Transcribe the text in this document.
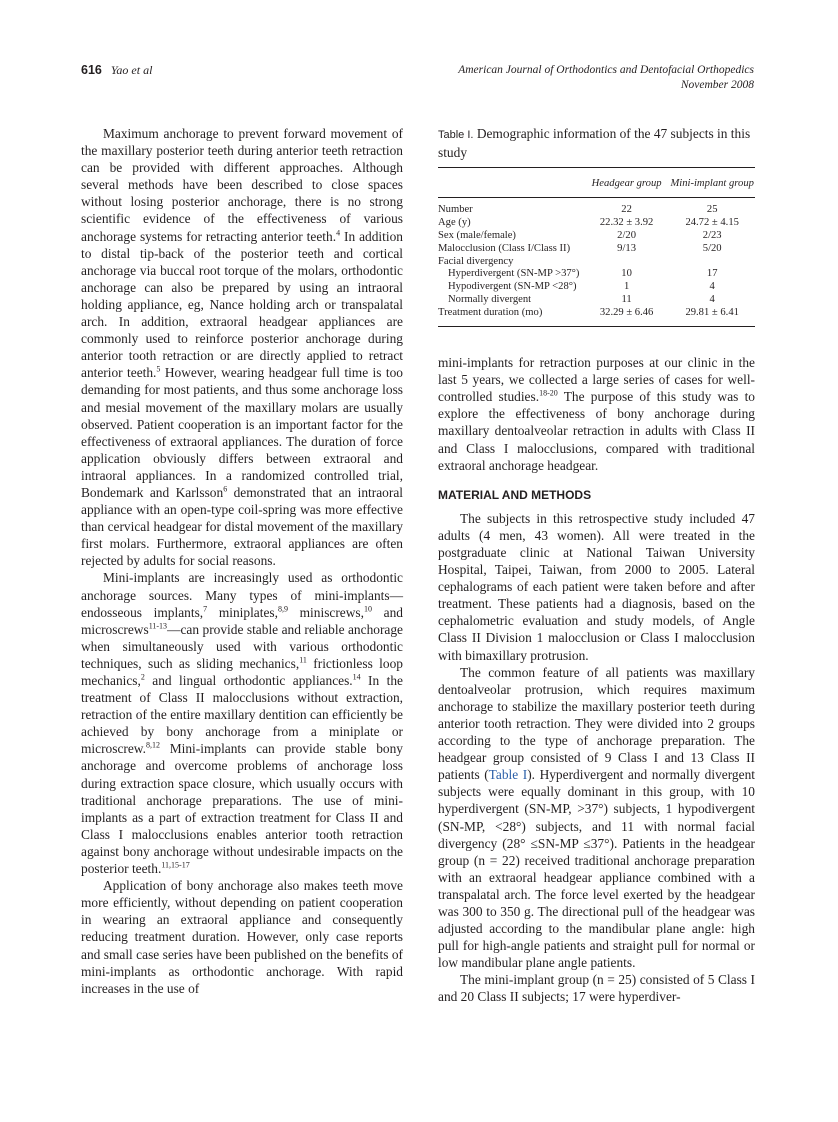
616 Yao et al	American Journal of Orthodontics and Dentofacial Orthopedics
November 2008

Maximum anchorage to prevent forward movement of the maxillary posterior teeth during anterior teeth retraction can be provided with different approaches. Although several methods have been described to close spaces without losing posterior anchorage, there is no strong scientific evidence of the effectiveness of various anchorage systems for retracting anterior teeth.$^4$ In addition to distal tip-back of the posterior teeth and cortical anchorage via buccal root torque of the molars, orthodontic anchorage can also be prepared by using an intraoral holding appliance, eg, Nance holding arch or transpalatal arch. In addition, extraoral headgear appliances are commonly used to reinforce posterior anchorage during anterior tooth retraction or are directly applied to retract anterior teeth.$^5$ However, wearing headgear full time is too demanding for most patients, and thus some anchorage loss and mesial movement of the maxillary molars are usually observed. Patient cooperation is an important factor for the effectiveness of extraoral appliances. The duration of force application obviously differs between extraoral and intraoral appliances. In a randomized controlled trial, Bondemark and Karlsson$^6$ demonstrated that an intraoral appliance with an open-type coil-spring was more effective than cervical headgear for distal movement of the maxillary first molars. Furthermore, extraoral appliances are often rejected by adults for social reasons.

Mini-implants are increasingly used as orthodontic anchorage sources. Many types of mini-implants—endosseous implants,$^7$ miniplates,$^{8,9}$ miniscrews,$^{10}$ and microscrews$^{11-13}$—can provide stable and reliable anchorage when simultaneously used with various orthodontic techniques, such as sliding mechanics,$^{11}$ frictionless loop mechanics,$^2$ and lingual orthodontic appliances.$^{14}$ In the treatment of Class II malocclusions without extraction, retraction of the entire maxillary dentition can efficiently be achieved by bony anchorage from a miniplate or microscrew.$^{8,12}$ Mini-implants can provide stable bony anchorage and overcome problems of anchorage loss during extraction space closure, which usually occurs with traditional anchorage preparations. The use of mini-implants as a part of extraction treatment for Class II and Class I malocclusions enables anterior tooth retraction against bony anchorage without undesirable impacts on the posterior teeth.$^{11,15-17}$

Application of bony anchorage also makes teeth move more efficiently, without depending on patient cooperation in wearing an extraoral appliance and consequently reducing treatment duration. However, only case reports and small case series have been published on the benefits of mini-implants as orthodontic anchorage. With rapid increases in the use of

Table I. Demographic information of the 47 subjects in this study

	Headgear group	Mini-implant group
Number	22	25
Age (y)	22.32 ± 3.92	24.72 ± 4.15
Sex (male/female)	2/20	2/23
Malocclusion (Class I/Class II)	9/13	5/20
Facial divergency		
Hyperdivergent (SN-MP >37°)	10	17
Hypodivergent (SN-MP <28°)	1	4
Normally divergent	11	4
Treatment duration (mo)	32.29 ± 6.46	29.81 ± 6.41

mini-implants for retraction purposes at our clinic in the last 5 years, we collected a large series of cases for well-controlled studies.$^{18-20}$ The purpose of this study was to explore the effectiveness of bony anchorage during maxillary dentoalveolar retraction in adults with Class II and Class I malocclusions, compared with traditional extraoral anchorage headgear.

MATERIAL AND METHODS

The subjects in this retrospective study included 47 adults (4 men, 43 women). All were treated in the postgraduate clinic at National Taiwan University Hospital, Taipei, Taiwan, from 2000 to 2005. Lateral cephalograms of each patient were taken before and after treatment. These patients had a diagnosis, based on the cephalometric evaluation and study models, of Angle Class II Division 1 malocclusion or Class I malocclusion with bimaxillary protrusion.

The common feature of all patients was maxillary dentoalveolar protrusion, which requires maximum anchorage to stabilize the maxillary posterior teeth during anterior tooth retraction. They were divided into 2 groups according to the type of anchorage preparation. The headgear group consisted of 9 Class I and 13 Class II patients (Table I). Hyperdivergent and normally divergent subjects were equally dominant in this group, with 10 hyperdivergent (SN-MP, >37°) subjects, 1 hypodivergent (SN-MP, <28°) subjects, and 11 with normal facial divergency (28° ≤SN-MP ≤37°). Patients in the headgear group (n = 22) received traditional anchorage preparation with an extraoral headgear appliance combined with a transpalatal arch. The force level exerted by the headgear was 300 to 350 g. The directional pull of the headgear was adjusted according to the mandibular plane angle: high pull for high-angle patients and straight pull for normal or low mandibular plane angle patients.

The mini-implant group (n = 25) consisted of 5 Class I and 20 Class II subjects; 17 were hyperdiver-
